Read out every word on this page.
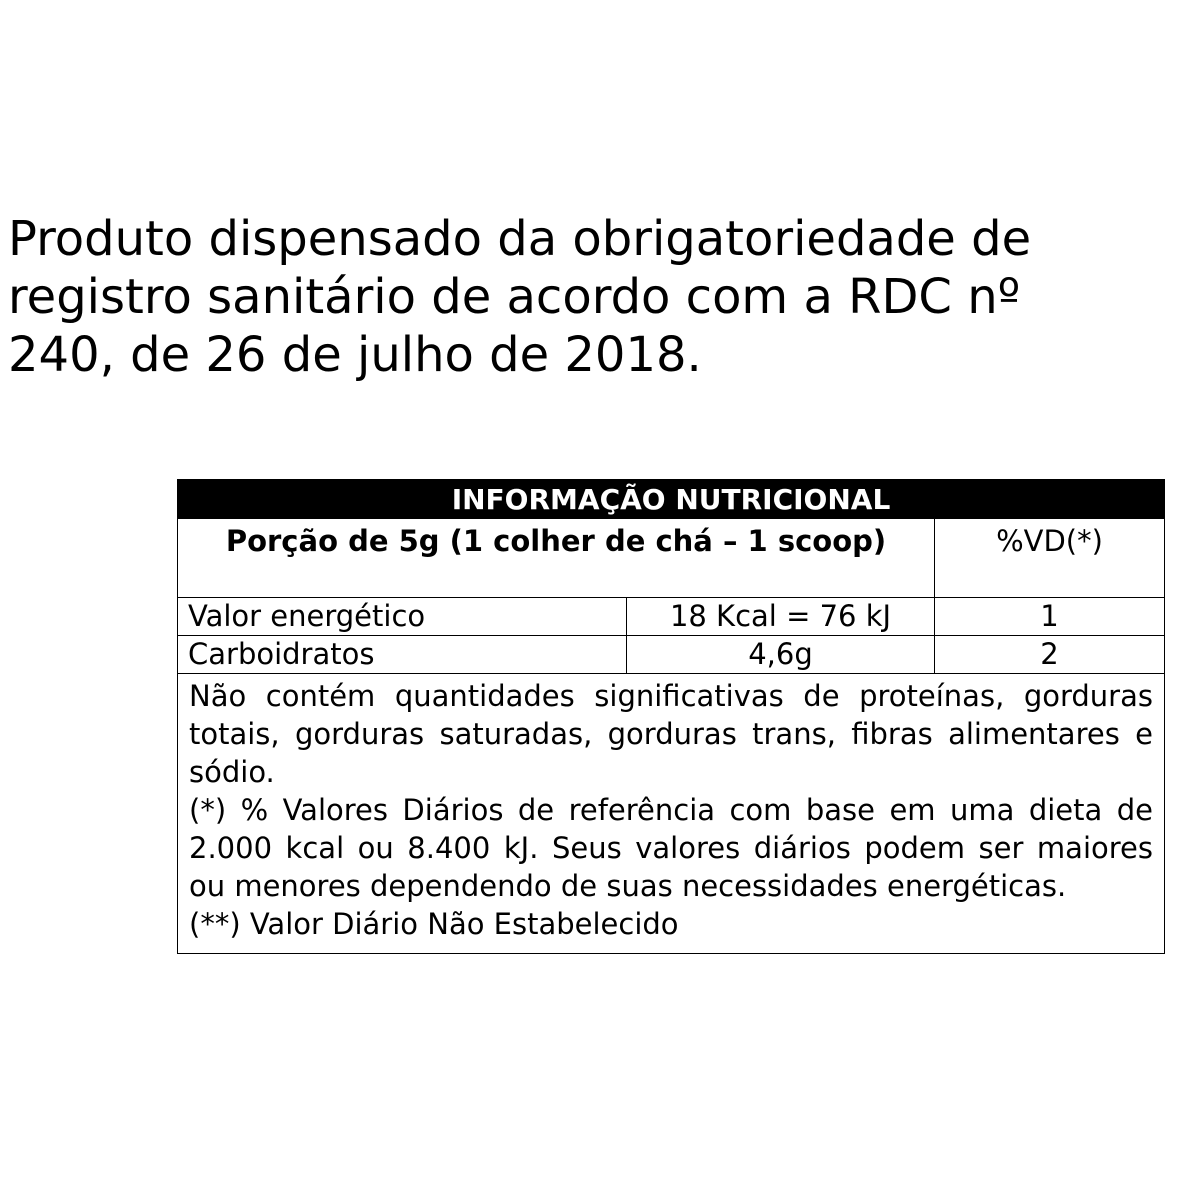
Produto dispensado da obrigatoriedade de
registro sanitário de acordo com a RDC nº
240, de 26 de julho de 2018.

INFORMAÇÃO NUTRICIONAL
Porção de 5g (1 colher de chá – 1 scoop)	%VD(*)
Valor energético	18 Kcal = 76 kJ	1
Carboidratos	4,6g	2

Não contém quantidades significativas de proteínas, gorduras totais, gorduras saturadas, gorduras trans, fibras alimentares e sódio.

(*) % Valores Diários de referência com base em uma dieta de 2.000 kcal ou 8.400 kJ. Seus valores diários podem ser maiores ou menores dependendo de suas necessidades energéticas.

(**) Valor Diário Não Estabelecido
